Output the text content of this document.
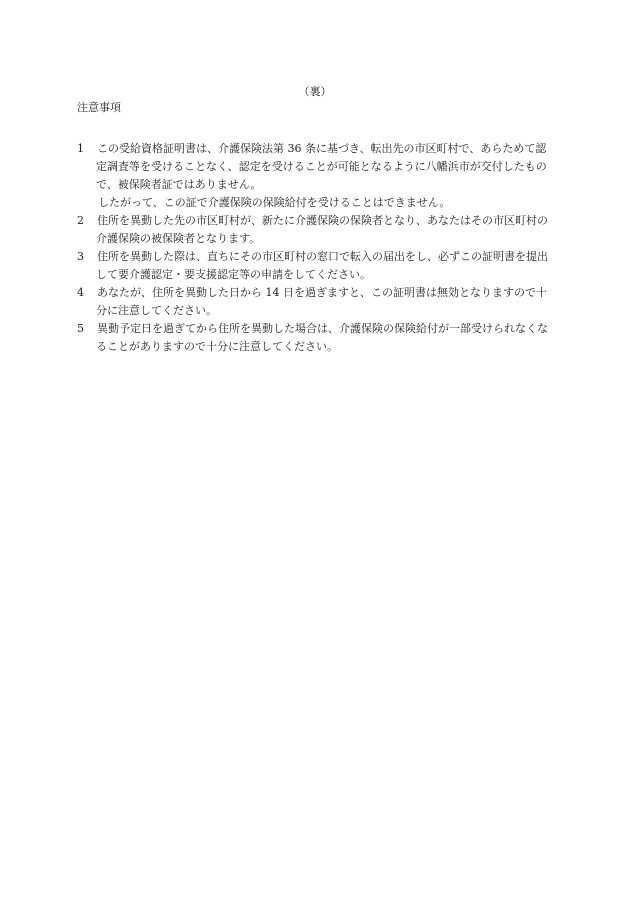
（裏）
注意事項
1 　この受給資格証明書は、介護保険法第 36 条に基づき、転出先の市区町村で、あらためて認定調査等を受けることなく、認定を受けることが可能となるように八幡浜市が交付したもので、被保険者証ではありません。
したがって、この証で介護保険の保険給付を受けることはできません。
2 　住所を異動した先の市区町村が、新たに介護保険の保険者となり、あなたはその市区町村の介護保険の被保険者となります。
3 　住所を異動した際は、直ちにその市区町村の窓口で転入の届出をし、必ずこの証明書を提出して要介護認定・要支援認定等の申請をしてください。
4 　あなたが、住所を異動した日から 14 日を過ぎますと、この証明書は無効となりますので十分に注意してください。
5 　異動予定日を過ぎてから住所を異動した場合は、介護保険の保険給付が一部受けられなくなることがありますので十分に注意してください。
